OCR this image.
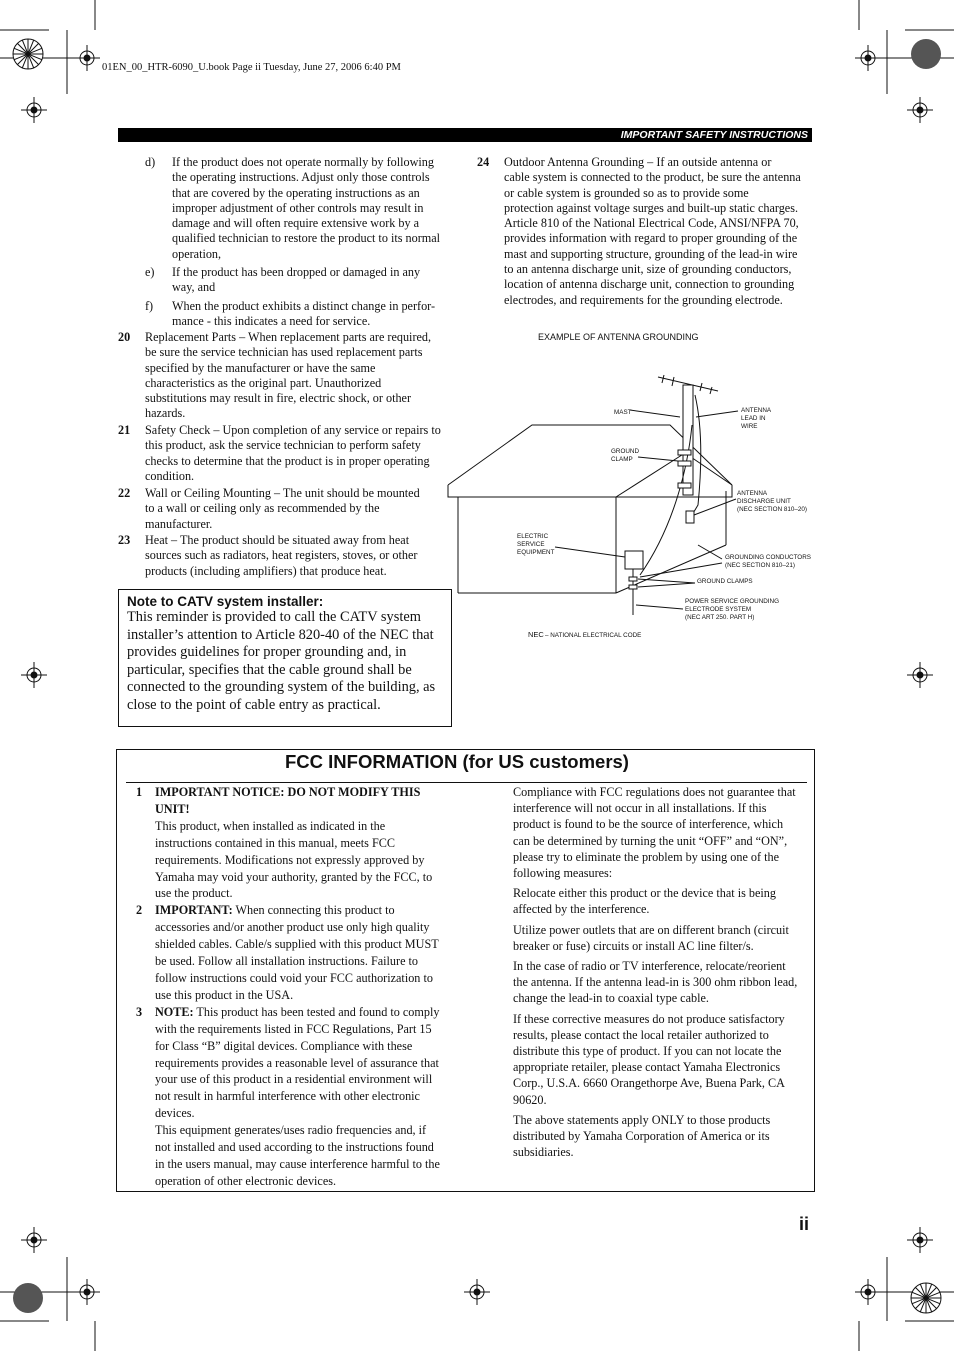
01EN_00_HTR-6090_U.book Page ii Tuesday, June 27, 2006 6:40 PM
IMPORTANT SAFETY INSTRUCTIONS
d) If the product does not operate normally by following
the operating instructions. Adjust only those controls
that are covered by the operating instructions as an
improper adjustment of other controls may result in
damage and will often require extensive work by a
qualified technician to restore the product to its normal
operation,
e) If the product has been dropped or damaged in any
way, and
f) When the product exhibits a distinct change in perfor-
mance - this indicates a need for service.
20 Replacement Parts – When replacement parts are required,
be sure the service technician has used replacement parts
specified by the manufacturer or have the same
characteristics as the original part. Unauthorized
substitutions may result in fire, electric shock, or other
hazards.
21 Safety Check – Upon completion of any service or repairs to
this product, ask the service technician to perform safety
checks to determine that the product is in proper operating
condition.
22 Wall or Ceiling Mounting – The unit should be mounted
to a wall or ceiling only as recommended by the
manufacturer.
23 Heat – The product should be situated away from heat
sources such as radiators, heat registers, stoves, or other
products (including amplifiers) that produce heat.
24 Outdoor Antenna Grounding – If an outside antenna or
cable system is connected to the product, be sure the antenna
or cable system is grounded so as to provide some
protection against voltage surges and built-up static charges.
Article 810 of the National Electrical Code, ANSI/NFPA 70,
provides information with regard to proper grounding of the
mast and supporting structure, grounding of the lead-in wire
to an antenna discharge unit, size of grounding conductors,
location of antenna discharge unit, connection to grounding
electrodes, and requirements for the grounding electrode.
EXAMPLE OF ANTENNA GROUNDING
MAST	ANTENNA
LEAD IN
WIRE
GROUND
CLAMP
ANTENNA
DISCHARGE UNIT
(NEC SECTION 810–20)
ELECTRIC
SERVICE
EQUIPMENT
GROUNDING CONDUCTORS
(NEC SECTION 810–21)
GROUND CLAMPS
POWER SERVICE GROUNDING
ELECTRODE SYSTEM
(NEC ART 250. PART H)
NEC – NATIONAL ELECTRICAL CODE
Note to CATV system installer:

This reminder is provided to call the CATV system

installer’s attention to Article 820-40 of the NEC that

provides guidelines for proper grounding and, in

particular, specifies that the cable ground shall be

connected to the grounding system of the building, as

close to the point of cable entry as practical.

FCC INFORMATION (for US customers)
1 IMPORTANT NOTICE: DO NOT MODIFY THIS
UNIT!
This product, when installed as indicated in the
instructions contained in this manual, meets FCC
requirements. Modifications not expressly approved by
Yamaha may void your authority, granted by the FCC, to
use the product.
2 IMPORTANT: When connecting this product to
accessories and/or another product use only high quality
shielded cables. Cable/s supplied with this product MUST
be used. Follow all installation instructions. Failure to
follow instructions could void your FCC authorization to
use this product in the USA.
3 NOTE: This product has been tested and found to comply
with the requirements listed in FCC Regulations, Part 15
for Class “B” digital devices. Compliance with these
requirements provides a reasonable level of assurance that
your use of this product in a residential environment will
not result in harmful interference with other electronic
devices.
This equipment generates/uses radio frequencies and, if
not installed and used according to the instructions found
in the users manual, may cause interference harmful to the
operation of other electronic devices.
Compliance with FCC regulations does not guarantee that
interference will not occur in all installations. If this
product is found to be the source of interference, which
can be determined by turning the unit “OFF” and “ON”,
please try to eliminate the problem by using one of the
following measures:
Relocate either this product or the device that is being
affected by the interference.
Utilize power outlets that are on different branch (circuit
breaker or fuse) circuits or install AC line filter/s.
In the case of radio or TV interference, relocate/reorient
the antenna. If the antenna lead-in is 300 ohm ribbon lead,
change the lead-in to coaxial type cable.
If these corrective measures do not produce satisfactory
results, please contact the local retailer authorized to
distribute this type of product. If you can not locate the
appropriate retailer, please contact Yamaha Electronics
Corp., U.S.A. 6660 Orangethorpe Ave, Buena Park, CA
90620.
The above statements apply ONLY to those products
distributed by Yamaha Corporation of America or its
subsidiaries.
ii
